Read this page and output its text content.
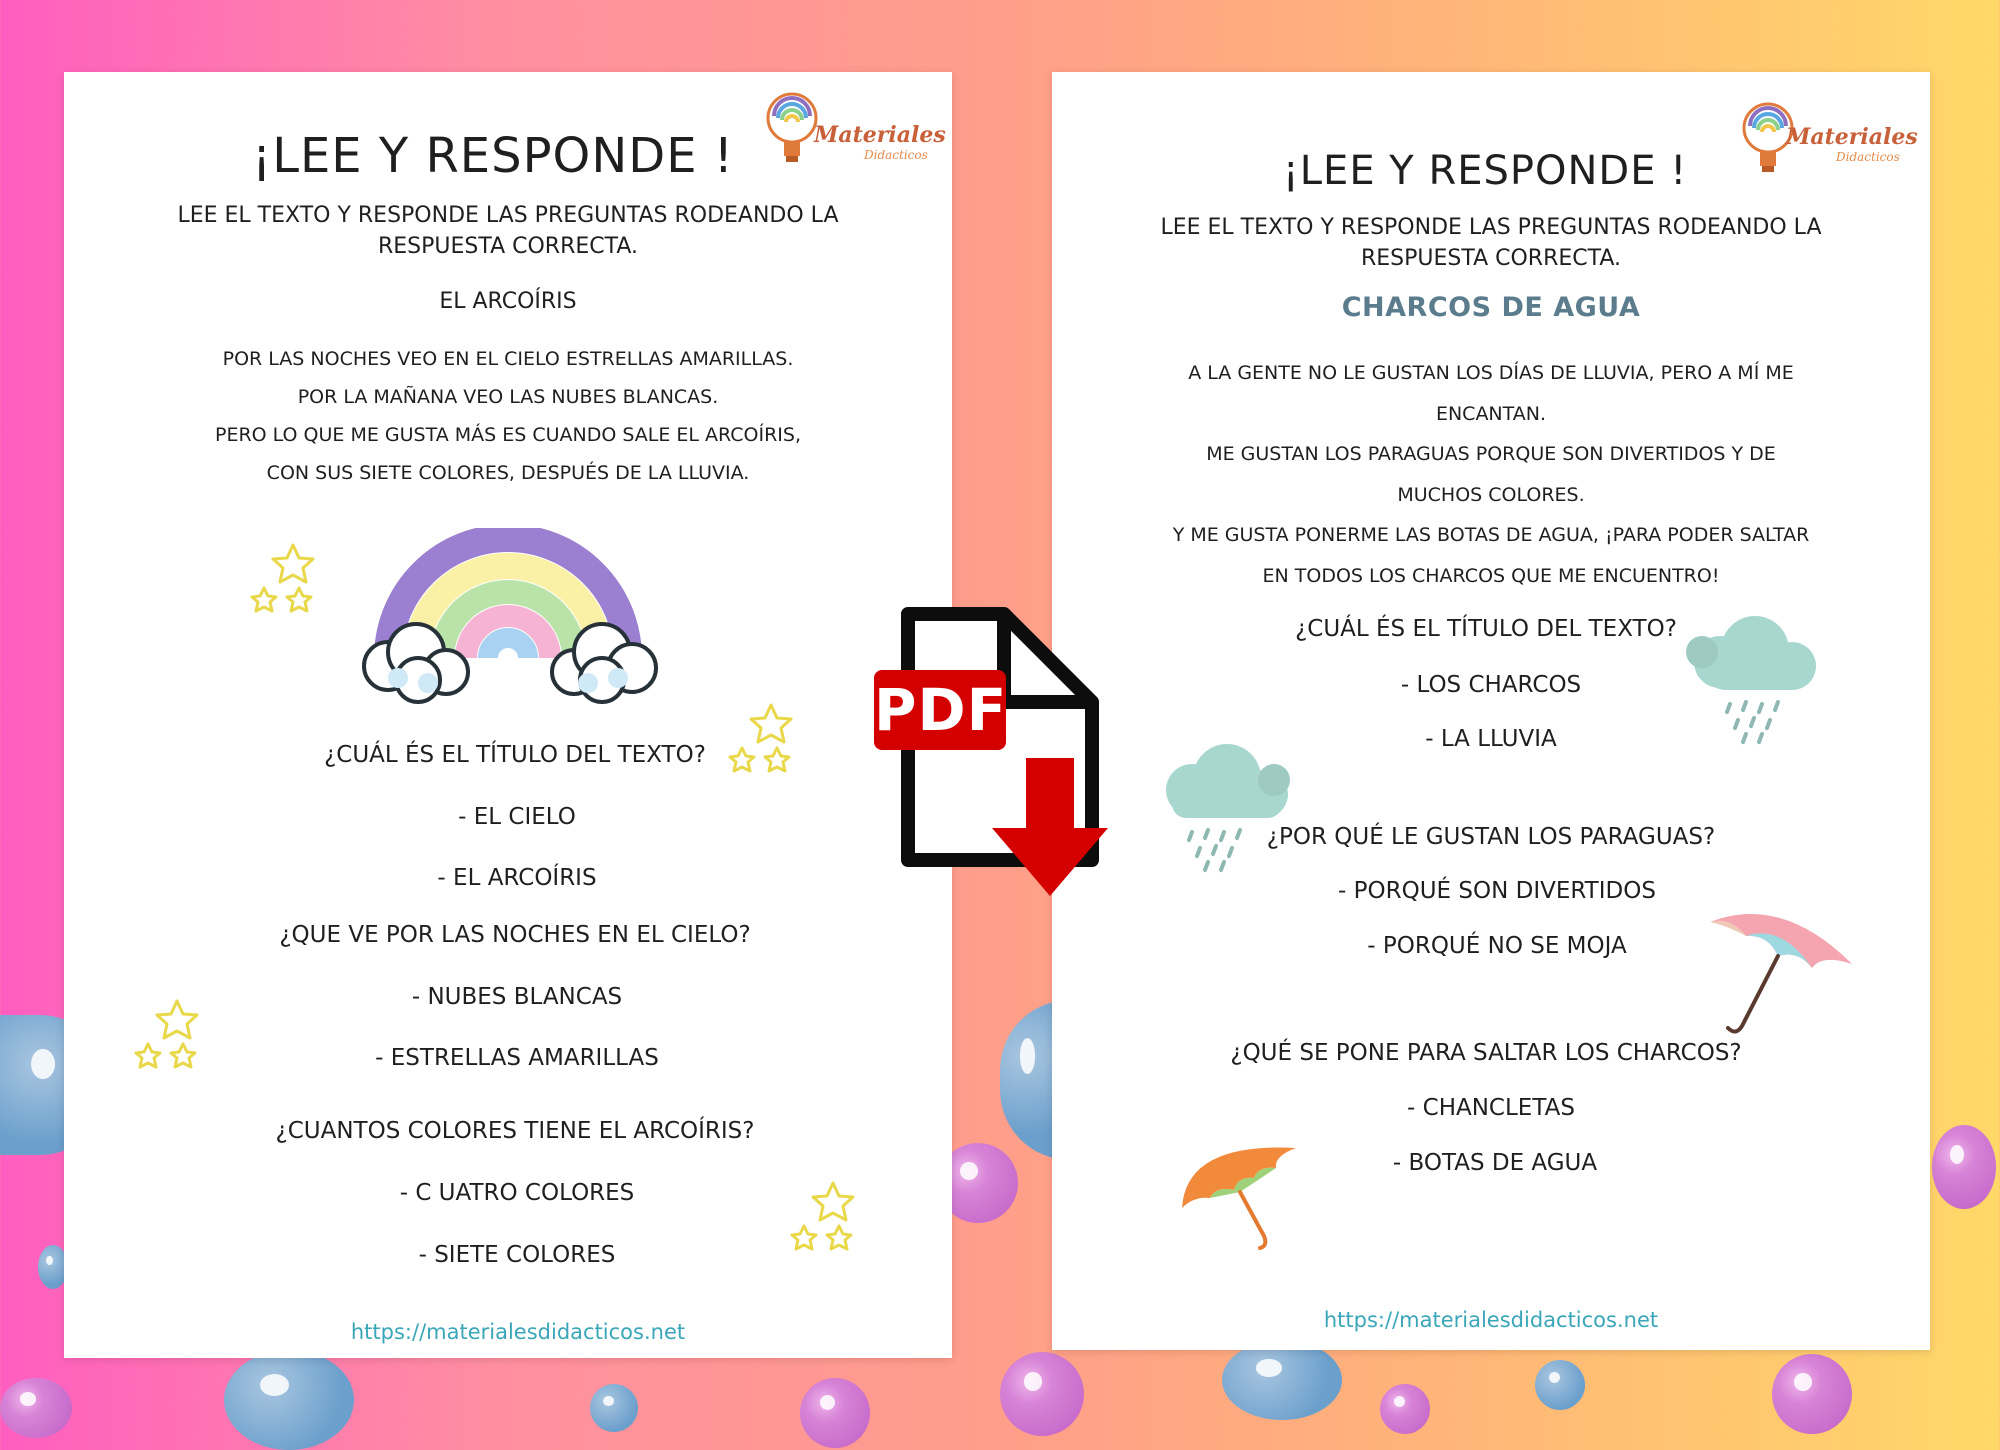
Materiales
Didacticos
¡LEE Y RESPONDE !
LEE EL TEXTO Y RESPONDE LAS PREGUNTAS RODEANDO LA
RESPUESTA CORRECTA.
EL ARCOÍRIS
POR LAS NOCHES VEO EN EL CIELO ESTRELLAS AMARILLAS.
POR LA MAÑANA VEO LAS NUBES BLANCAS.
PERO LO QUE ME GUSTA MÁS ES CUANDO SALE EL ARCOÍRIS,
CON SUS SIETE COLORES, DESPUÉS DE LA LLUVIA.
¿CUÁL ÉS EL TÍTULO DEL TEXTO?
- EL CIELO
- EL ARCOÍRIS
¿QUE VE POR LAS NOCHES EN EL CIELO?
- NUBES BLANCAS
- ESTRELLAS AMARILLAS
¿CUANTOS COLORES TIENE EL ARCOÍRIS?
- C UATRO COLORES
- SIETE COLORES
https://materialesdidacticos.net
Materiales
Didacticos
¡LEE Y RESPONDE !
LEE EL TEXTO Y RESPONDE LAS PREGUNTAS RODEANDO LA
RESPUESTA CORRECTA.
CHARCOS DE AGUA
A LA GENTE NO LE GUSTAN LOS DÍAS DE LLUVIA, PERO A MÍ ME
ENCANTAN.
ME GUSTAN LOS PARAGUAS PORQUE SON DIVERTIDOS Y DE
MUCHOS COLORES.
Y ME GUSTA PONERME LAS BOTAS DE AGUA, ¡PARA PODER SALTAR
EN TODOS LOS CHARCOS QUE ME ENCUENTRO!
¿CUÁL ÉS EL TÍTULO DEL TEXTO?
- LOS CHARCOS
- LA LLUVIA
¿POR QUÉ LE GUSTAN LOS PARAGUAS?
- PORQUÉ SON DIVERTIDOS
- PORQUÉ NO SE MOJA
¿QUÉ SE PONE PARA SALTAR LOS CHARCOS?
- CHANCLETAS
- BOTAS DE AGUA
https://materialesdidacticos.net
PDF
